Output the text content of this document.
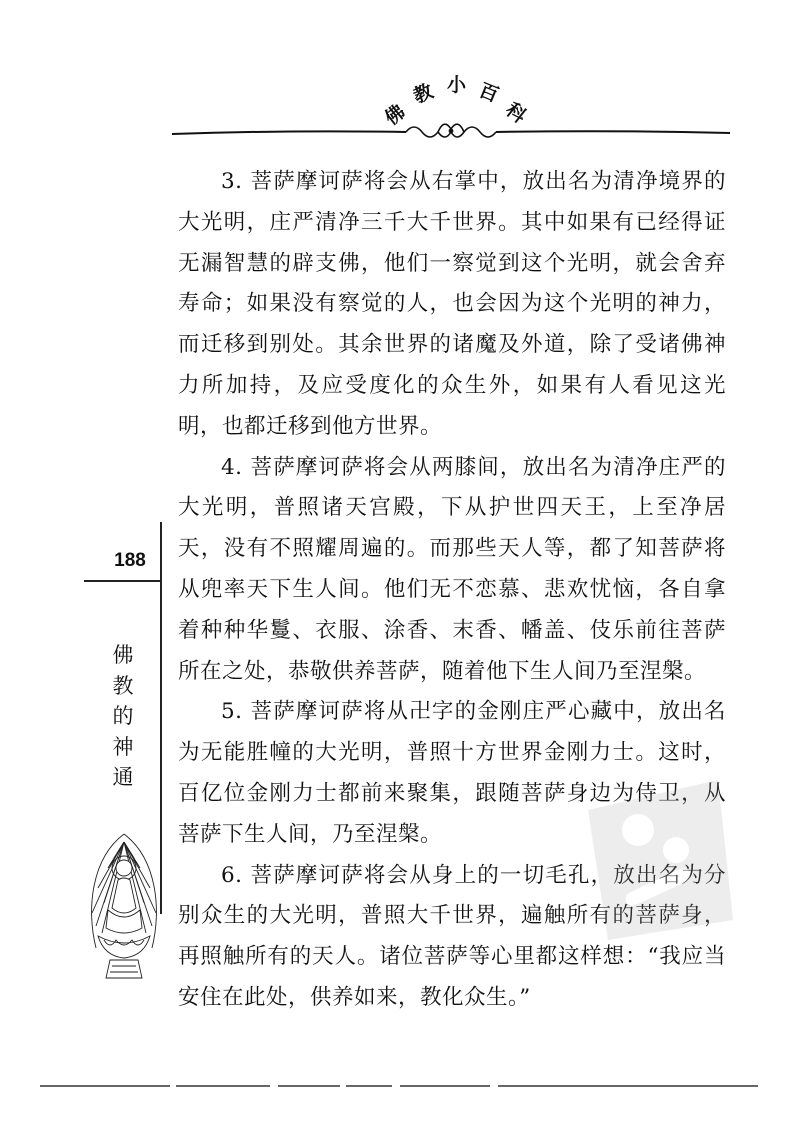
佛
教 小 百
科

3. 菩萨摩诃萨将会从右掌中，放出名为清净境界的大光明，庄严清净三千大千世界。其中如果有已经得证无漏智慧的辟支佛，他们一察觉到这个光明，就会舍弃寿命；如果没有察觉的人，也会因为这个光明的神力，而迁移到别处。其余世界的诸魔及外道，除了受诸佛神力所加持，及应受度化的众生外，如果有人看见这光明，也都迁移到他方世界。

4. 菩萨摩诃萨将会从两膝间，放出名为清净庄严的大光明，普照诸天宫殿，下从护世四天王，上至净居天，没有不照耀周遍的。而那些天人等，都了知菩萨将从兜率天下生人间。他们无不恋慕、悲欢忧恼，各自拿着种种华鬘、衣服、涂香、末香、幡盖、伎乐前往菩萨所在之处，恭敬供养菩萨，随着他下生人间乃至涅槃。

5. 菩萨摩诃萨将从卍字的金刚庄严心藏中，放出名为无能胜幢的大光明，普照十方世界金刚力士。这时，百亿位金刚力士都前来聚集，跟随菩萨身边为侍卫，从菩萨下生人间，乃至涅槃。

6. 菩萨摩诃萨将会从身上的一切毛孔，放出名为分别众生的大光明，普照大千世界，遍触所有的菩萨身，再照触所有的天人。诸位菩萨等心里都这样想：“我应当安住在此处，供养如来，教化众生。”

188
佛
教
的
神
通
